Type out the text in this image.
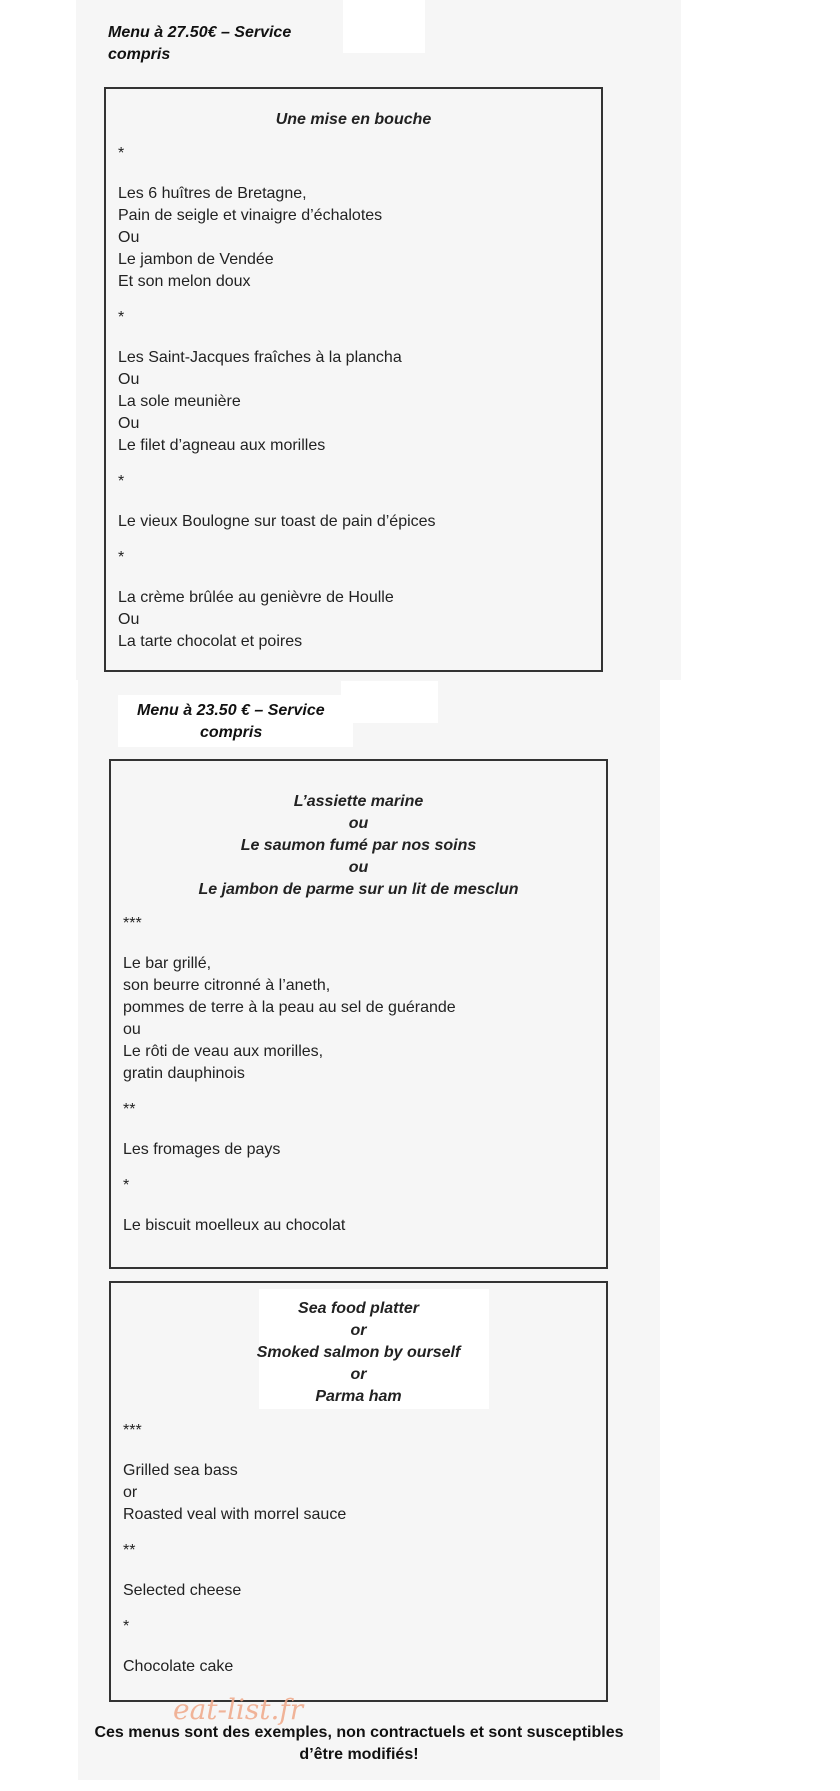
Menu à 27.50€ – Service
compris
Une mise en bouche
*
Les 6 huîtres de Bretagne,
Pain de seigle et vinaigre d’échalotes
Ou
Le jambon de Vendée
Et son melon doux
*
Les Saint-Jacques fraîches à la plancha
Ou
La sole meunière
Ou
Le filet d’agneau aux morilles
*
Le vieux Boulogne sur toast de pain d’épices
*
La crème brûlée au genièvre de Houlle
Ou
La tarte chocolat et poires
Menu à 23.50 € – Service
compris
L’assiette marine
ou
Le saumon fumé par nos soins
ou
Le jambon de parme sur un lit de mesclun
***
Le bar grillé,
son beurre citronné à l’aneth,
pommes de terre à la peau au sel de guérande
ou
Le rôti de veau aux morilles,
gratin dauphinois
**
Les fromages de pays
*
Le biscuit moelleux au chocolat
Sea food platter
or
Smoked salmon by ourself
or
Parma ham
***
Grilled sea bass
or
Roasted veal with morrel sauce
**
Selected cheese
*
Chocolate cake
Ces menus sont des exemples, non contractuels et sont susceptibles
d’être modifiés!
eat-list.fr
